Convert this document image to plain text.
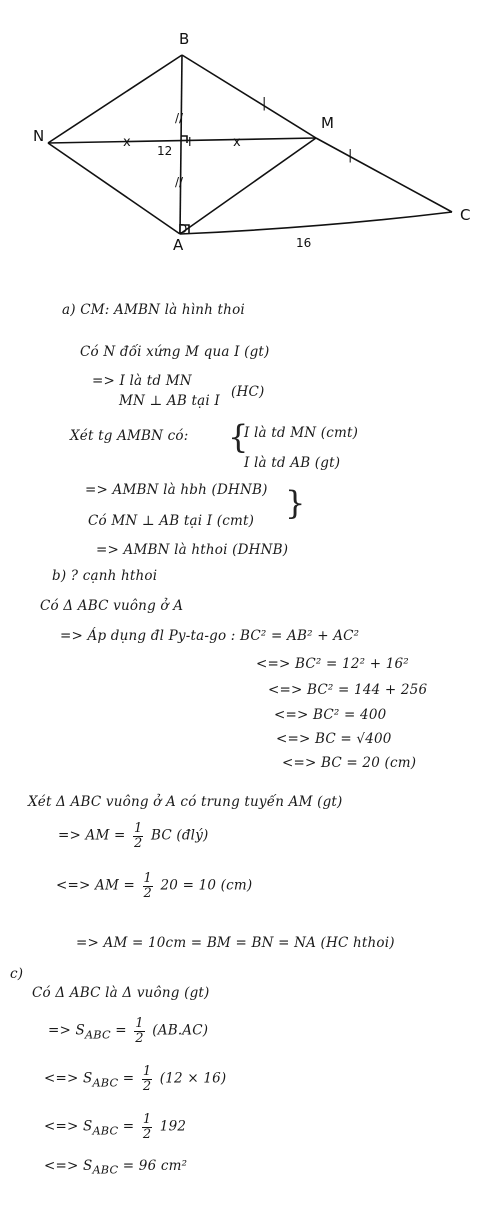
B
N
M
I
A
D
C
12
16
|
|
x	x
//
//
a) CM: AMBN là hình thoi
Có N đối xứng M qua I (gt)
=> I là td MN
MN ⊥ AB tại I
(HC)
Xét tg AMBN có: {
I là td MN (cmt)
I là td AB (gt)
=> AMBN là hbh (DHNB) }
Có MN ⊥ AB tại I (cmt)
=> AMBN là hthoi (DHNB)
b) ? cạnh hthoi
Có Δ ABC vuông ở A
=> Áp dụng đl Py-ta-go : BC² = AB² + AC²
<=> BC² = 12² + 16²
<=> BC² = 144 + 256
<=> BC² = 400
<=> BC = √400
<=> BC = 20 (cm)
Xét Δ ABC vuông ở A có trung tuyến AM (gt)
=> AM = $\frac{1}{2}$ BC (đlý)
<=> AM = $\frac{1}{2} 20 = 10$ (cm)
=> AM = 10cm = BM = BN = NA (HC hthoi)
c)
Có Δ ABC là Δ vuông (gt)
=> $S_{ABC} = \frac{1}{2} (AB.AC)$
<=> $S_{ABC} = \frac{1}{2} (12 \times 16)$
<=> $S_{ABC} = \frac{1}{2} 192$
<=> $S_{ABC} = 96$ cm²
